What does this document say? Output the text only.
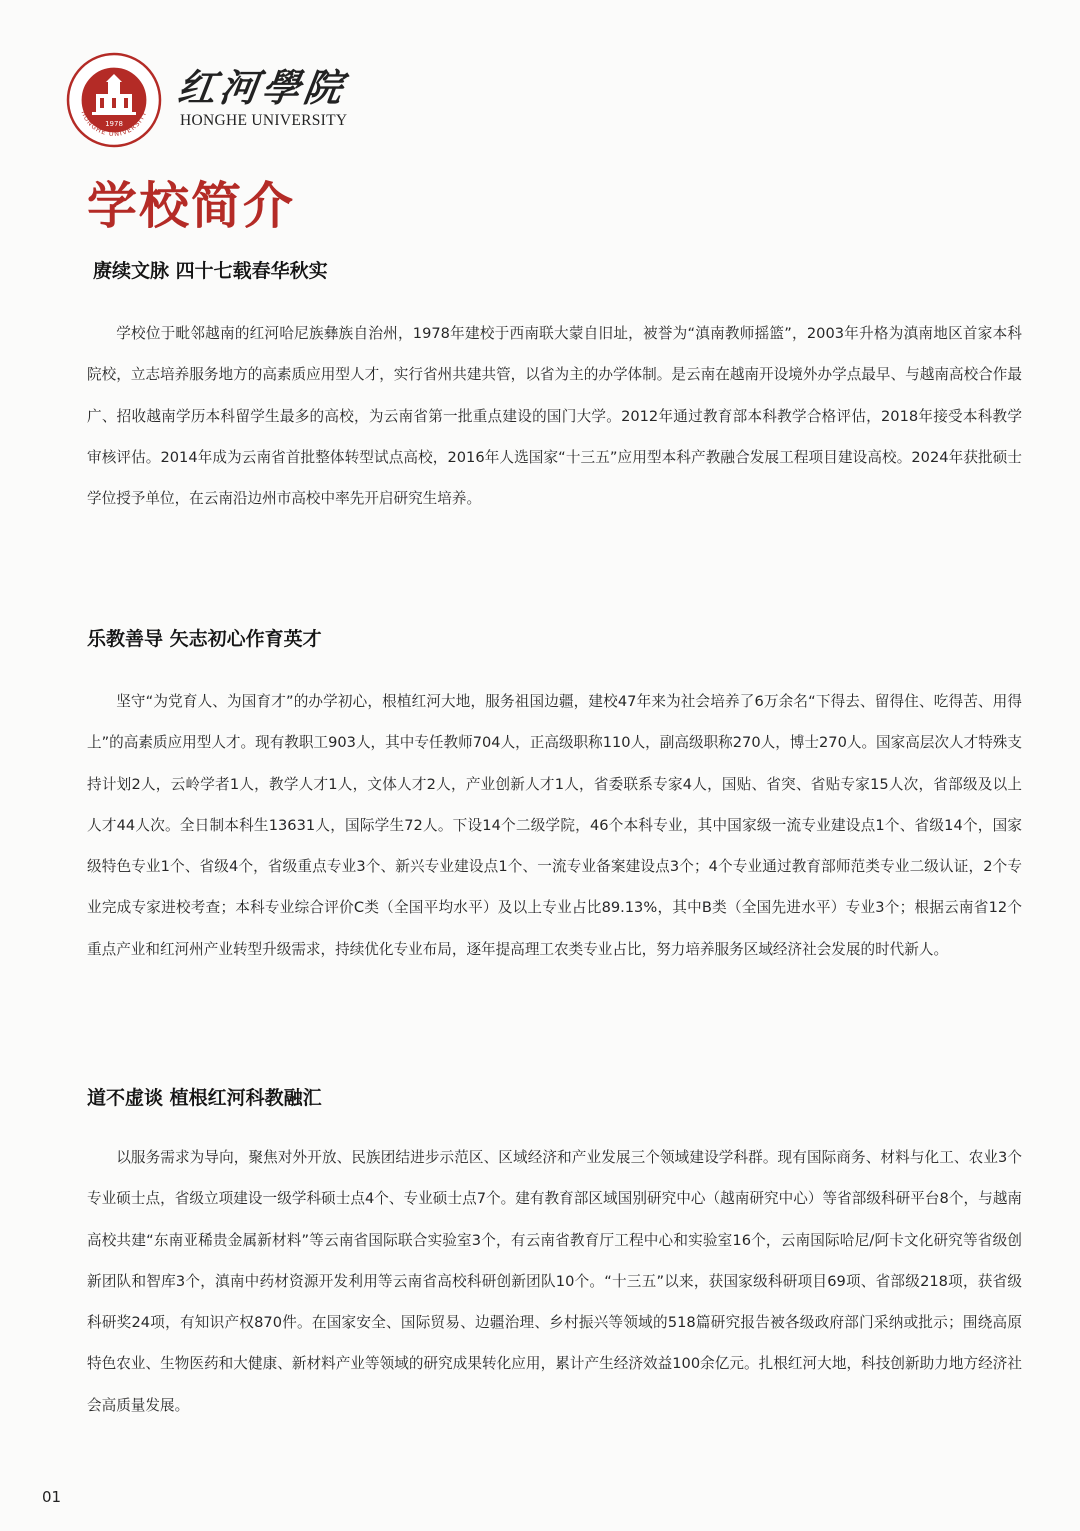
1978
HONGHE UNIVERSITY
红河學院
HONGHE UNIVERSITY
学校简介
赓续文脉 四十七载春华秋实

学校位于毗邻越南的红河哈尼族彝族自治州，1978年建校于西南联大蒙自旧址，被誉为“滇南教师摇篮”，2003年升格为滇南地区首家本科院校，立志培养服务地方的高素质应用型人才，实行省州共建共管，以省为主的办学体制。是云南在越南开设境外办学点最早、与越南高校合作最广、招收越南学历本科留学生最多的高校，为云南省第一批重点建设的国门大学。2012年通过教育部本科教学合格评估，2018年接受本科教学审核评估。2014年成为云南省首批整体转型试点高校，2016年人选国家“十三五”应用型本科产教融合发展工程项目建设高校。2024年获批硕士学位授予单位，在云南沿边州市高校中率先开启研究生培养。

乐教善导 矢志初心作育英才

坚守“为党育人、为国育才”的办学初心，根植红河大地，服务祖国边疆，建校47年来为社会培养了6万余名“下得去、留得住、吃得苦、用得上”的高素质应用型人才。现有教职工903人，其中专任教师704人，正高级职称110人，副高级职称270人，博士270人。国家高层次人才特殊支持计划2人，云岭学者1人，教学人才1人，文体人才2人，产业创新人才1人，省委联系专家4人，国贴、省突、省贴专家15人次，省部级及以上人才44人次。全日制本科生13631人，国际学生72人。下设14个二级学院，46个本科专业，其中国家级一流专业建设点1个、省级14个，国家级特色专业1个、省级4个，省级重点专业3个、新兴专业建设点1个、一流专业备案建设点3个；4个专业通过教育部师范类专业二级认证，2个专业完成专家进校考查；本科专业综合评价C类（全国平均水平）及以上专业占比89.13%，其中B类（全国先进水平）专业3个；根据云南省12个重点产业和红河州产业转型升级需求，持续优化专业布局，逐年提高理工农类专业占比，努力培养服务区域经济社会发展的时代新人。

道不虚谈 植根红河科教融汇

以服务需求为导向，聚焦对外开放、民族团结进步示范区、区域经济和产业发展三个领域建设学科群。现有国际商务、材料与化工、农业3个专业硕士点，省级立项建设一级学科硕士点4个、专业硕士点7个。建有教育部区域国别研究中心（越南研究中心）等省部级科研平台8个，与越南高校共建“东南亚稀贵金属新材料”等云南省国际联合实验室3个，有云南省教育厅工程中心和实验室16个，云南国际哈尼/阿卡文化研究等省级创新团队和智库3个，滇南中药材资源开发利用等云南省高校科研创新团队10个。“十三五”以来，获国家级科研项目69项、省部级218项，获省级科研奖24项，有知识产权870件。在国家安全、国际贸易、边疆治理、乡村振兴等领域的518篇研究报告被各级政府部门采纳或批示；围绕高原特色农业、生物医药和大健康、新材料产业等领域的研究成果转化应用，累计产生经济效益100余亿元。扎根红河大地，科技创新助力地方经济社会高质量发展。

01
